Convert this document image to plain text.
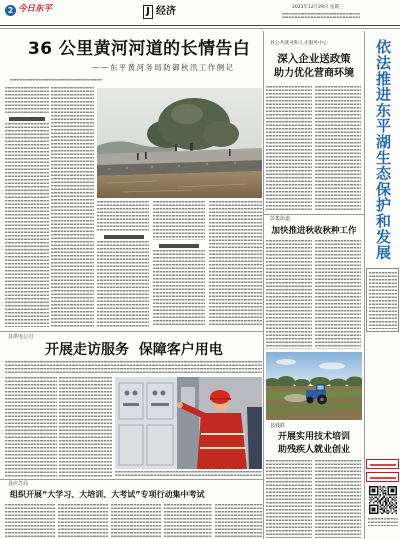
2 今日东平	J 经济	2021年12月29日 星期三
36 公里黄河河道的长情告白
——东平黄河务局防御秋汛工作侧记
县供电公司
开展走访服务  保障客户用电
县应急局
组织开展“大学习、大培训、大考试”专项行动集中考试
县公共就业和人才服务中心
深入企业送政策
助力优化营商环境
彭集街道
加快推进秋收秋种工作
县残联
开展实用技术培训
助残疾人就业创业
依法推进东平湖生态保护和发展
